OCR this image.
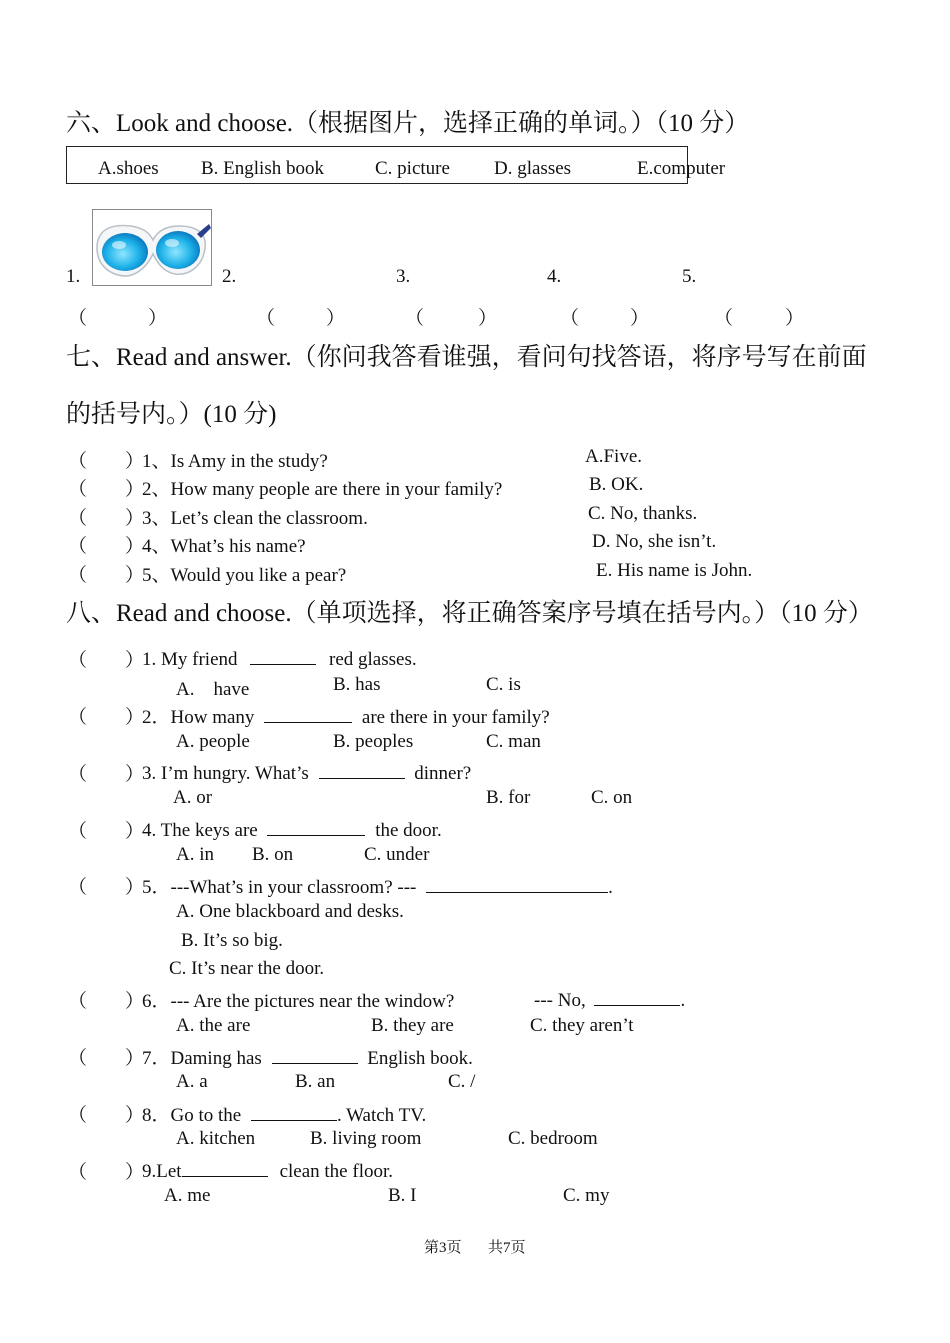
六、Look and choose.（根据图片，选择正确的单词。）（10 分）
A.shoes B. English book	C. picture D. glasses	E.computer
1.	2.	3.	4.	5.
（	）	（	）	（	）	（	）	（	）
七、Read and answer.（你问我答看谁强，看问句找答语，将序号写在前面
的括号内。）(10 分)
（　　）
1、Is Amy in the study?	A.Five.
（　　）
2、How many people are there in your family?	B. OK.
（　　）
3、Let’s clean the classroom.	C. No, thanks.
（　　）
4、What’s his name?	D. No, she isn’t.
（　　）
5、Would you like a pear?	E. His name is John.
八、Read and choose.（单项选择，将正确答案序号填在括号内。）（10 分）
（　　）
1. My friend	red glasses.
A.　have	B. has	C. is
（　　）
2．How many	are there in your family?
A. people	B. peoples	C. man
（　　）
3. I’m hungry. What’s	dinner?
A. or	B. for	C. on
（　　）
4. The keys are	the door.
A. in B. on	C. under
（　　）
5．---What’s in your classroom? ---	.
A. One blackboard and desks.
B. It’s so big.
C. It’s near the door.
（　　）
6．--- Are the pictures near the window?	--- No,	.
A. the are	B. they are	C. they aren’t
（　　）
7．Daming has	English book.
A. a	B. an	C. /
（　　）
8．Go to the	. Watch TV.
A. kitchen	B. living room	C. bedroom
（　　）
9.Let	clean the floor.
A. me	B. I	C. my
第3页 共7页
